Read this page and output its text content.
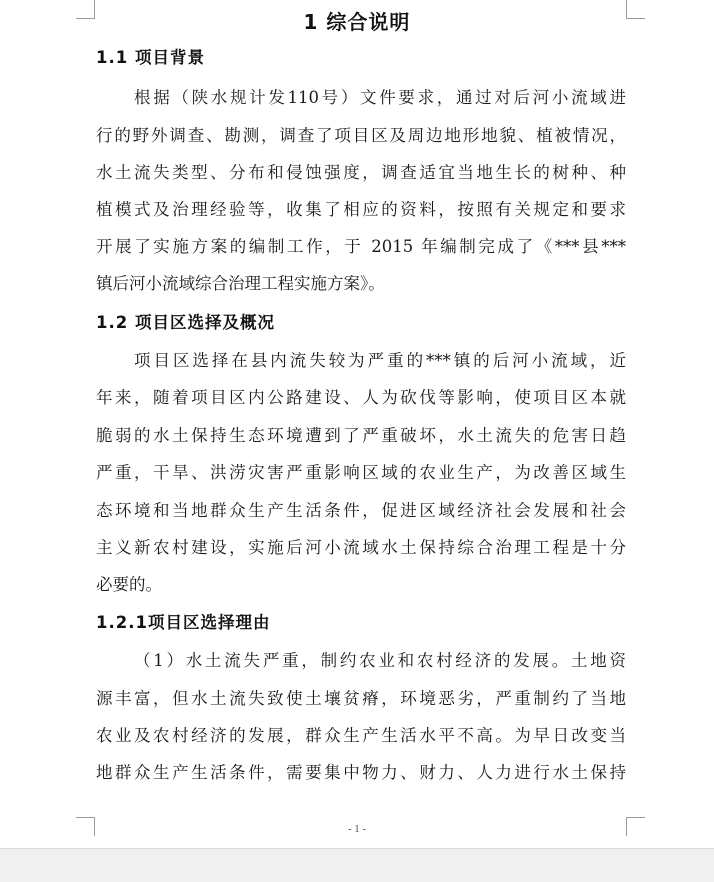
1 综合说明
1.1 项目背景
根据（陕水规计发110号）文件要求，通过对后河小流域进
行的野外调查、勘测，调查了项目区及周边地形地貌、植被情况，
水土流失类型、分布和侵蚀强度，调查适宜当地生长的树种、种
植模式及治理经验等，收集了相应的资料，按照有关规定和要求
开展了实施方案的编制工作，于 2015 年编制完成了《***县***
镇后河小流域综合治理工程实施方案》。
1.2 项目区选择及概况
项目区选择在县内流失较为严重的***镇的后河小流域，近
年来，随着项目区内公路建设、人为砍伐等影响，使项目区本就
脆弱的水土保持生态环境遭到了严重破坏，水土流失的危害日趋
严重，干旱、洪涝灾害严重影响区域的农业生产，为改善区域生
态环境和当地群众生产生活条件，促进区域经济社会发展和社会
主义新农村建设，实施后河小流域水土保持综合治理工程是十分
必要的。
1.2.1项目区选择理由
（1）水土流失严重，制约农业和农村经济的发展。土地资
源丰富，但水土流失致使土壤贫瘠，环境恶劣，严重制约了当地
农业及农村经济的发展，群众生产生活水平不高。为早日改变当
地群众生产生活条件，需要集中物力、财力、人力进行水土保持
- 1 -
